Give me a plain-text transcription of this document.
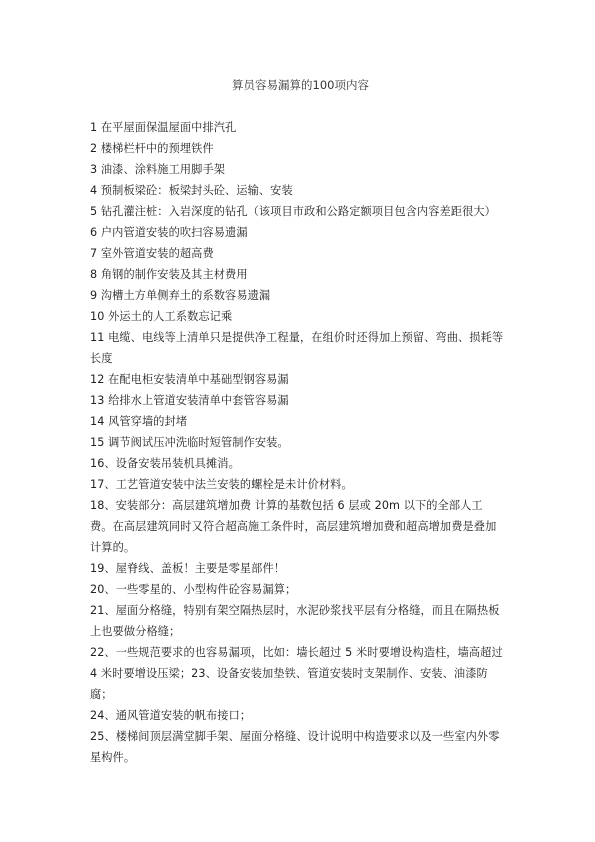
算员容易漏算的100项内容
1 在平屋面保温屋面中排汽孔
2 楼梯栏杆中的预埋铁件
3 油漆、涂料施工用脚手架
4 预制板梁砼：板梁封头砼、运输、安装
5 钻孔灌注桩：入岩深度的钻孔（该项目市政和公路定额项目包含内容差距很大）
6 户内管道安装的吹扫容易遗漏
7 室外管道安装的超高费
8 角钢的制作安装及其主材费用
9 沟槽土方单侧弃土的系数容易遗漏
10 外运土的人工系数忘记乘
11 电缆、电线等上清单只是提供净工程量，在组价时还得加上预留、弯曲、损耗等长度
12 在配电柜安装清单中基础型钢容易漏
13 给排水上管道安装清单中套管容易漏
14 风管穿墙的封堵
15 调节阀试压冲洗临时短管制作安装。
16、设备安装吊装机具摊消。
17、工艺管道安装中法兰安装的螺栓是未计价材料。
18、安装部分：高层建筑增加费 计算的基数包括 6 层或 20m 以下的全部人工费。在高层建筑同时又符合超高施工条件时，高层建筑增加费和超高增加费是叠加计算的。
19、屋脊线、盖板！主要是零星部件！
20、一些零星的、小型构件砼容易漏算；
21、屋面分格缝，特别有架空隔热层时，水泥砂浆找平层有分格缝，而且在隔热板上也要做分格缝；
22、一些规范要求的也容易漏项，比如：墙长超过 5 米时要增设构造柱，墙高超过 4 米时要增设压梁；23、设备安装加垫铁、管道安装时支架制作、安装、油漆防腐；
24、通风管道安装的帆布接口；
25、楼梯间顶层满堂脚手架、屋面分格缝、设计说明中构造要求以及一些室内外零星构件。
